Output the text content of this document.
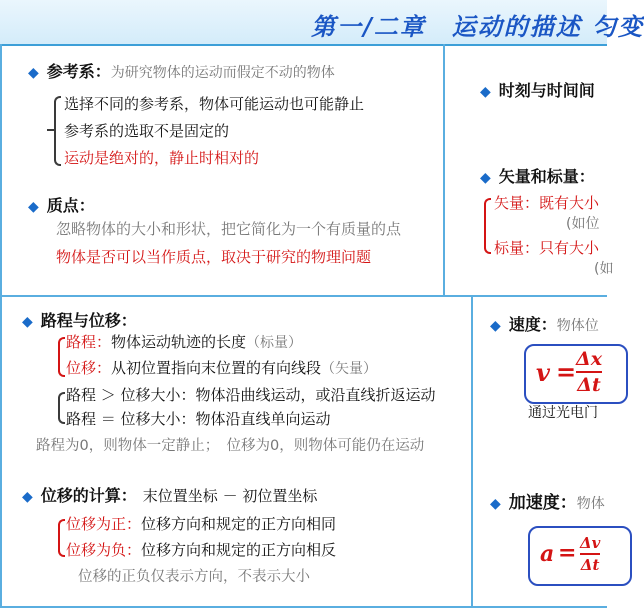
第一/二章　运动的描述 匀变
◆ 参考系：为研究物体的运动而假定不动的物体
选择不同的参考系，物体可能运动也可能静止
参考系的选取不是固定的
运动是绝对的，静止时相对的
◆ 质点：
忽略物体的大小和形状，把它简化为一个有质量的点
物体是否可以当作质点，取决于研究的物理问题
◆ 时刻与时间间
◆ 矢量和标量：
矢量：既有大小
(如位
标量：只有大小
(如
◆ 路程与位移：
路程：物体运动轨迹的长度（标量）
位移：从初位置指向末位置的有向线段（矢量）
路程 ＞ 位移大小：物体沿曲线运动，或沿直线折返运动
路程 ＝ 位移大小：物体沿直线单向运动
路程为0，则物体一定静止；　位移为0，则物体可能仍在运动
◆ 位移的计算： 末位置坐标 － 初位置坐标
位移为正：位移方向和规定的正方向相同
位移为负：位移方向和规定的正方向相反
位移的正负仅表示方向，不表示大小
◆ 速度：物体位
$v = \frac{\Delta x}{\Delta t}$
通过光电门
◆ 加速度：物体
$a = \frac{\Delta v}{\Delta t}$
